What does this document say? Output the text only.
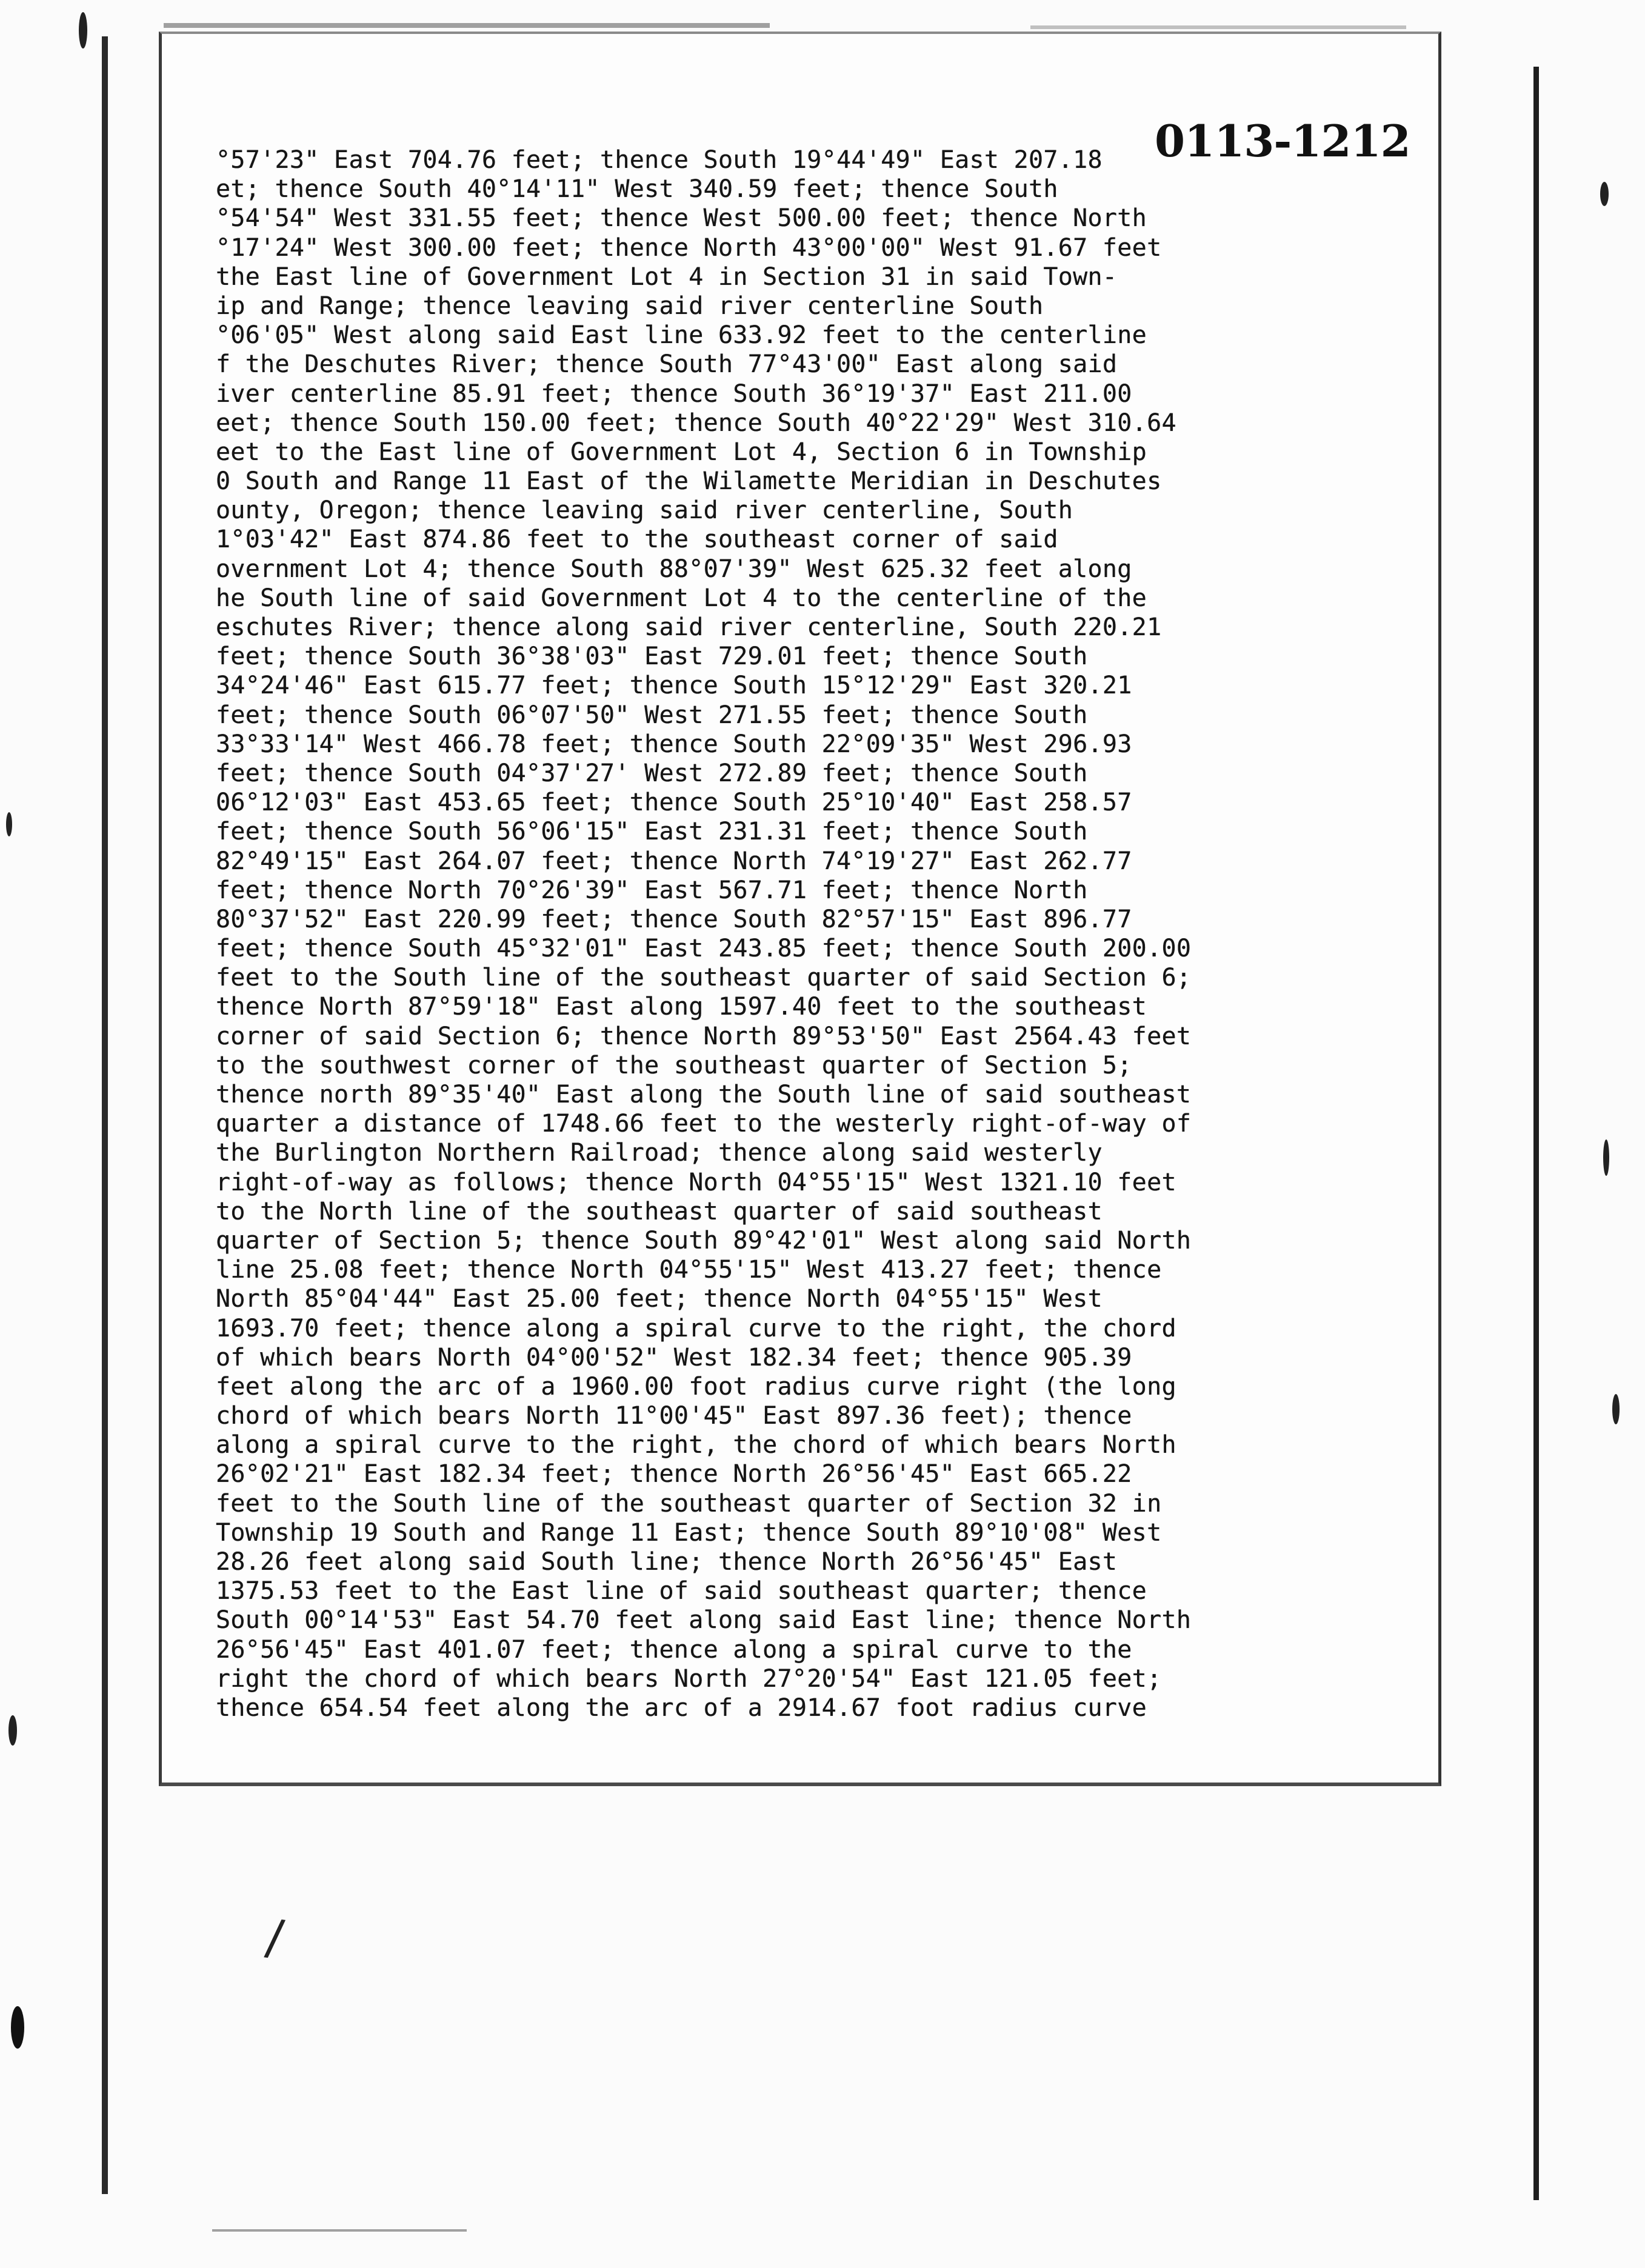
0113-1212
°57'23" East 704.76 feet; thence South 19°44'49" East 207.18
et; thence South 40°14'11" West 340.59 feet; thence South
°54'54" West 331.55 feet; thence West 500.00 feet; thence North
°17'24" West 300.00 feet; thence North 43°00'00" West 91.67 feet
the East line of Government Lot 4 in Section 31 in said Town-
ip and Range; thence leaving said river centerline South
°06'05" West along said East line 633.92 feet to the centerline
f the Deschutes River; thence South 77°43'00" East along said
iver centerline 85.91 feet; thence South 36°19'37" East 211.00
eet; thence South 150.00 feet; thence South 40°22'29" West 310.64
eet to the East line of Government Lot 4, Section 6 in Township
0 South and Range 11 East of the Wilamette Meridian in Deschutes
ounty, Oregon; thence leaving said river centerline, South
1°03'42" East 874.86 feet to the southeast corner of said
overnment Lot 4; thence South 88°07'39" West 625.32 feet along
he South line of said Government Lot 4 to the centerline of the
eschutes River; thence along said river centerline, South 220.21
feet; thence South 36°38'03" East 729.01 feet; thence South
34°24'46" East 615.77 feet; thence South 15°12'29" East 320.21
feet; thence South 06°07'50" West 271.55 feet; thence South
33°33'14" West 466.78 feet; thence South 22°09'35" West 296.93
feet; thence South 04°37'27' West 272.89 feet; thence South
06°12'03" East 453.65 feet; thence South 25°10'40" East 258.57
feet; thence South 56°06'15" East 231.31 feet; thence South
82°49'15" East 264.07 feet; thence North 74°19'27" East 262.77
feet; thence North 70°26'39" East 567.71 feet; thence North
80°37'52" East 220.99 feet; thence South 82°57'15" East 896.77
feet; thence South 45°32'01" East 243.85 feet; thence South 200.00
feet to the South line of the southeast quarter of said Section 6;
thence North 87°59'18" East along 1597.40 feet to the southeast
corner of said Section 6; thence North 89°53'50" East 2564.43 feet
to the southwest corner of the southeast quarter of Section 5;
thence north 89°35'40" East along the South line of said southeast
quarter a distance of 1748.66 feet to the westerly right-of-way of
the Burlington Northern Railroad; thence along said westerly
right-of-way as follows; thence North 04°55'15" West 1321.10 feet
to the North line of the southeast quarter of said southeast
quarter of Section 5; thence South 89°42'01" West along said North
line 25.08 feet; thence North 04°55'15" West 413.27 feet; thence
North 85°04'44" East 25.00 feet; thence North 04°55'15" West
1693.70 feet; thence along a spiral curve to the right, the chord
of which bears North 04°00'52" West 182.34 feet; thence 905.39
feet along the arc of a 1960.00 foot radius curve right (the long
chord of which bears North 11°00'45" East 897.36 feet); thence
along a spiral curve to the right, the chord of which bears North
26°02'21" East 182.34 feet; thence North 26°56'45" East 665.22
feet to the South line of the southeast quarter of Section 32 in
Township 19 South and Range 11 East; thence South 89°10'08" West
28.26 feet along said South line; thence North 26°56'45" East
1375.53 feet to the East line of said southeast quarter; thence
South 00°14'53" East 54.70 feet along said East line; thence North
26°56'45" East 401.07 feet; thence along a spiral curve to the
right the chord of which bears North 27°20'54" East 121.05 feet;
thence 654.54 feet along the arc of a 2914.67 foot radius curve
/
